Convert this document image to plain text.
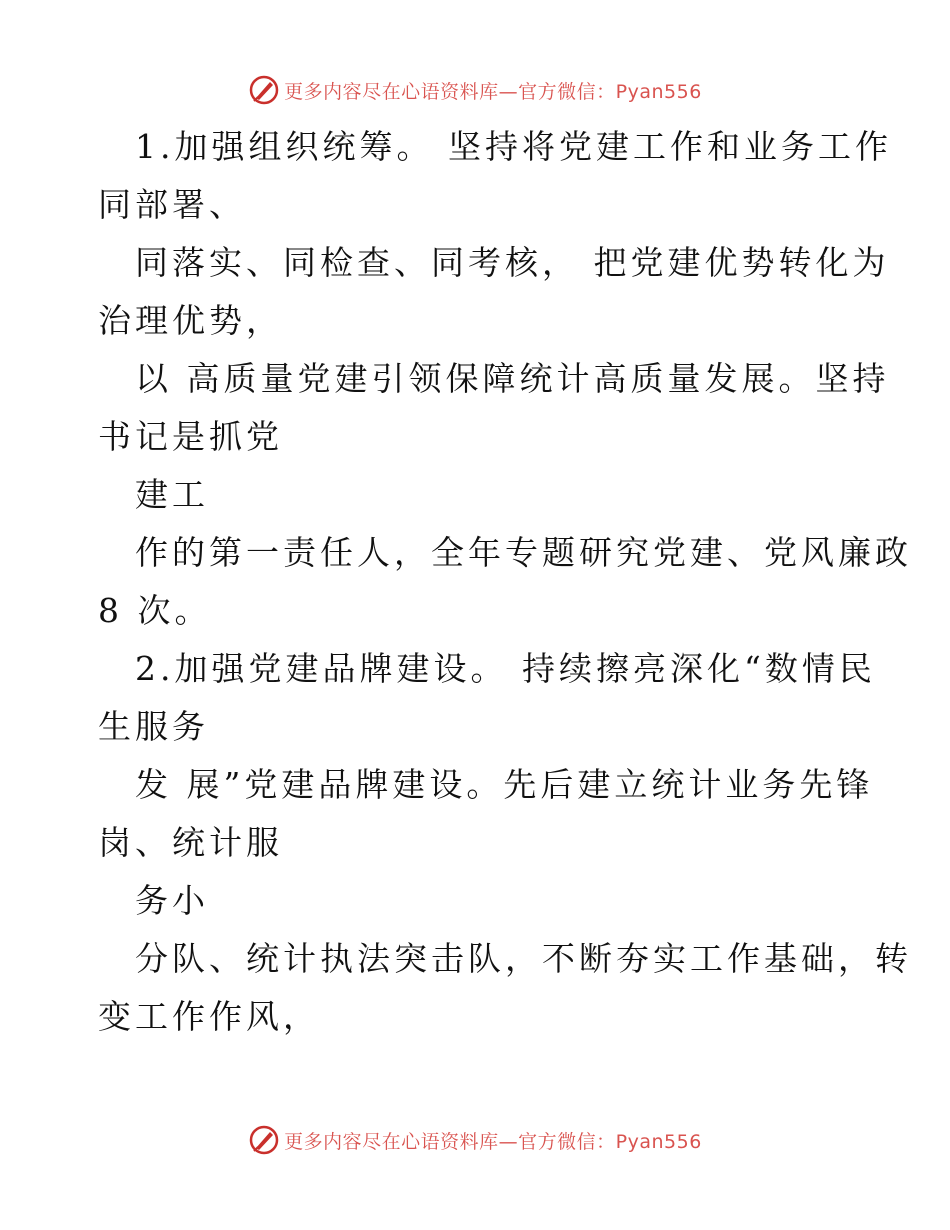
更多内容尽在心语资料库—官方微信：Pyan556
1.加强组织统筹。 坚持将党建工作和业务工作
同部署、
同落实、同检查、同考核， 把党建优势转化为
治理优势，
以 高质量党建引领保障统计高质量发展。坚持
书记是抓党
建工
作的第一责任人，全年专题研究党建、党风廉政
8 次。
2.加强党建品牌建设。 持续擦亮深化“数情民
生服务
发 展”党建品牌建设。先后建立统计业务先锋
岗、统计服
务小
分队、统计执法突击队，不断夯实工作基础，转
变工作作风，
更多内容尽在心语资料库—官方微信：Pyan556
